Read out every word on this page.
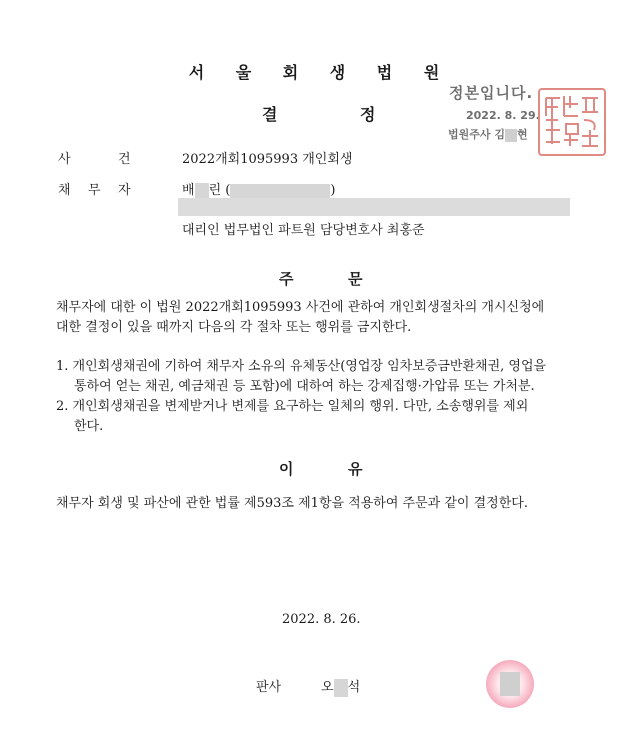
서 울 회 생 법 원
결	정
정본입니다.
2022. 8. 29.
법원주사 김 현
사	건	2022개회1095993 개인회생
채 무 자	배 린 (	)
대리인 법무법인 파트원 담당변호사 최홍준
주	문
채무자에 대한 이 법원 2022개회1095993 사건에 관하여 개인회생절차의 개시신청에
대한 결정이 있을 때까지 다음의 각 절차 또는 행위를 금지한다.
1. 개인회생채권에 기하여 채무자 소유의 유체동산(영업장 임차보증금반환채권, 영업을
통하여 얻는 채권, 예금채권 등 포함)에 대하여 하는 강제집행·가압류 또는 가처분.
2. 개인회생채권을 변제받거나 변제를 요구하는 일체의 행위. 다만, 소송행위를 제외
한다.
이	유
채무자 회생 및 파산에 관한 법률 제593조 제1항을 적용하여 주문과 같이 결정한다.
2022. 8. 26.
판사	오 석
